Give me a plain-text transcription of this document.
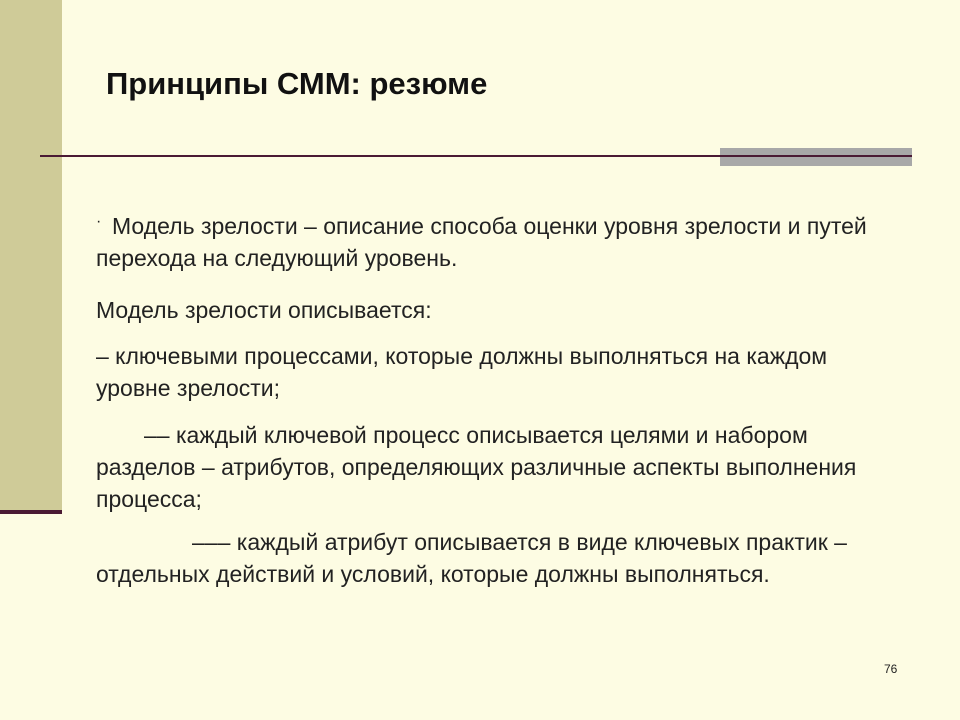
Принципы СММ: резюме
· Модель зрелости – описание способа оценки уровня зрелости и путей перехода на следующий уровень.
Модель зрелости описывается:
– ключевыми процессами, которые должны выполняться на каждом уровне зрелости;
–– каждый ключевой процесс описывается целями и набором разделов – атрибутов, определяющих различные аспекты выполнения процесса;
––– каждый атрибут описывается в виде ключевых практик – отдельных действий и условий, которые должны выполняться.
76
